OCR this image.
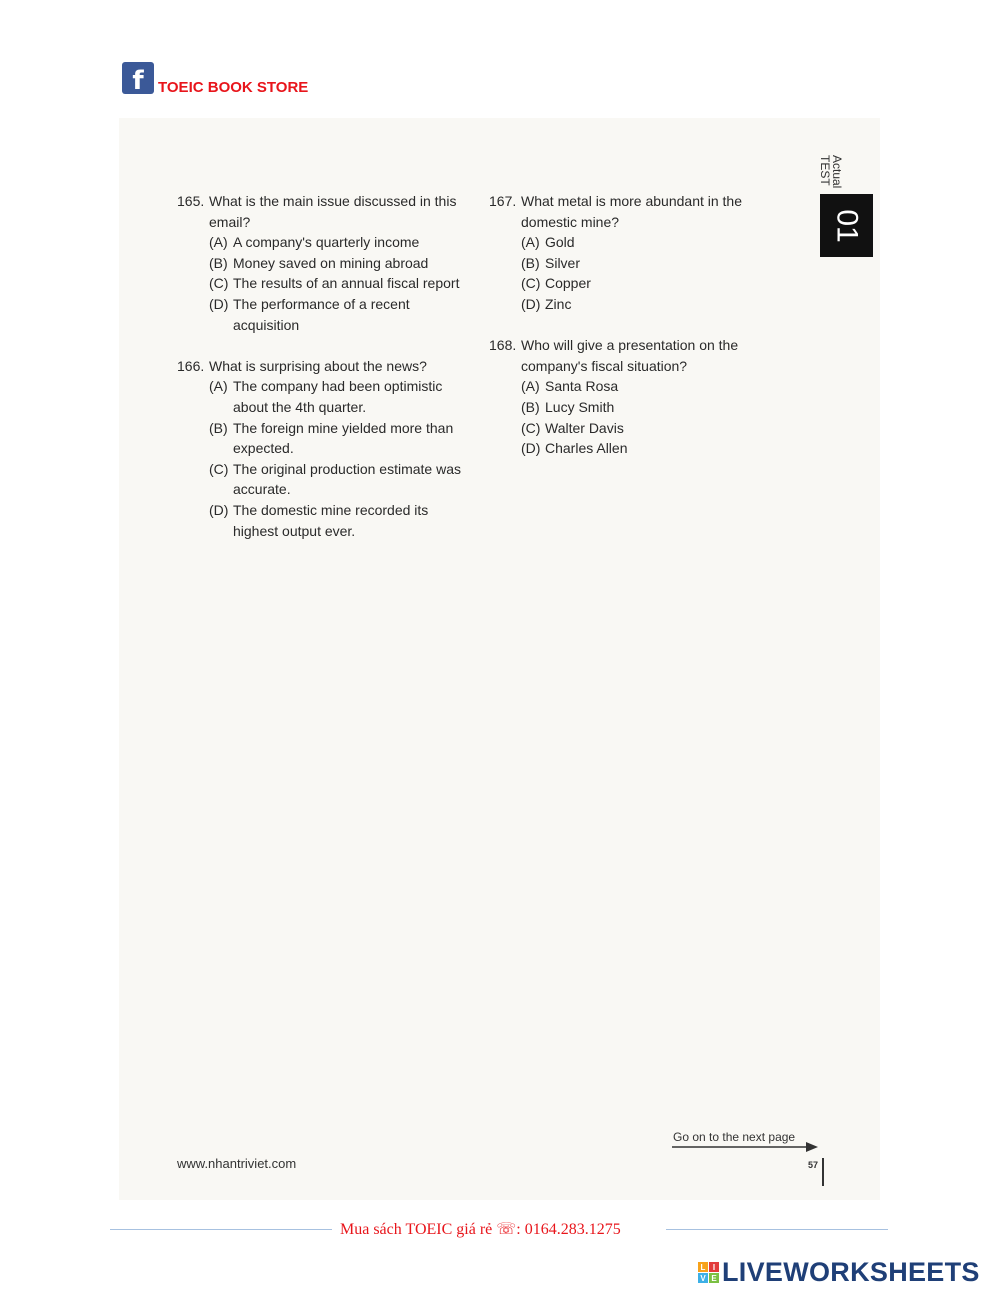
f TOEIC BOOK STORE
Actual
TEST
01
165. What is the main issue discussed in this email?
(A) A company's quarterly income
(B) Money saved on mining abroad
(C) The results of an annual fiscal report
(D) The performance of a recent acquisition
166. What is surprising about the news?
(A) The company had been optimistic about the 4th quarter.
(B) The foreign mine yielded more than expected.
(C) The original production estimate was accurate.
(D) The domestic mine recorded its highest output ever.
167. What metal is more abundant in the domestic mine?
(A) Gold
(B) Silver
(C) Copper
(D) Zinc
168. Who will give a presentation on the company's fiscal situation?
(A) Santa Rosa
(B) Lucy Smith
(C) Walter Davis
(D) Charles Allen
www.nhantriviet.com
Go on to the next page
57
Mua sách TOEIC giá rẻ ☏: 0164.283.1275
L I
V E LIVEWORKSHEETS
